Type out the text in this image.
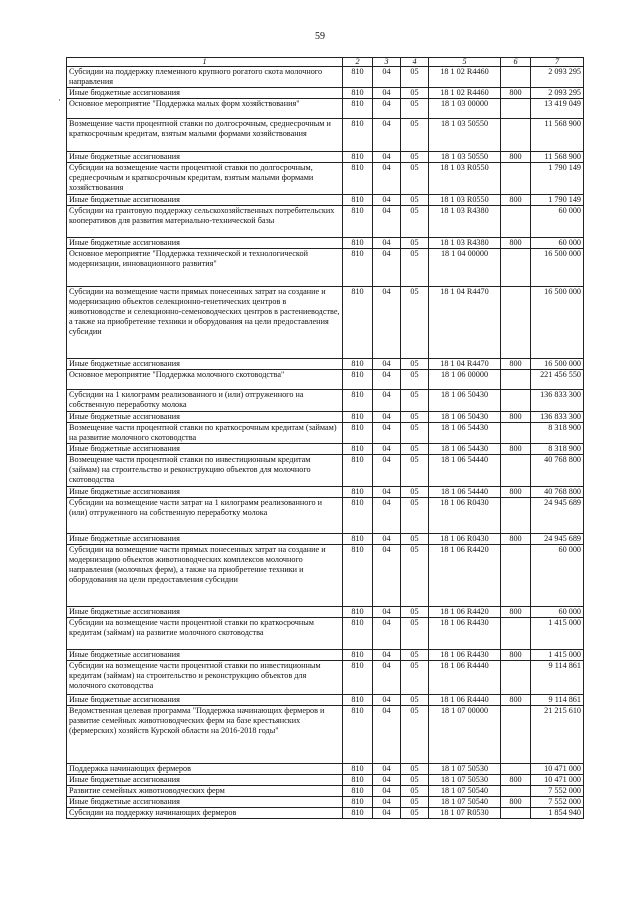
59
·
1	2	3	4	5	6	7
Субсидии на поддержку племенного крупного рогатого скота молочного направления	810	04	05	18 1 02 R4460		2 093 295
Иные бюджетные ассигнования	810	04	05	18 1 02 R4460	800	2 093 295
Основное мероприятие "Поддержка малых форм хозяйствования"	810	04	05	18 1 03 00000		13 419 049
Возмещение части процентной ставки по долгосрочным, среднесрочным и краткосрочным кредитам, взятым малыми формами хозяйствования	810	04	05	18 1 03 50550		11 568 900
Иные бюджетные ассигнования	810	04	05	18 1 03 50550	800	11 568 900
Субсидии на возмещение части процентной ставки по долгосрочным, среднесрочным и краткосрочным кредитам, взятым малыми формами хозяйствования	810	04	05	18 1 03 R0550		1 790 149
Иные бюджетные ассигнования	810	04	05	18 1 03 R0550	800	1 790 149
Субсидии на грантовую поддержку сельскохозяйственных потребительских кооперативов для развития материально-технической базы	810	04	05	18 1 03 R4380		60 000
Иные бюджетные ассигнования	810	04	05	18 1 03 R4380	800	60 000
Основное мероприятие "Поддержка технической и технологической модернизации, инновационного развития"	810	04	05	18 1 04 00000		16 500 000
Субсидии на возмещение части прямых понесенных затрат на создание и модернизацию объектов селекционно-генетических центров в животноводстве и селекционно-семеноводческих центров в растениеводстве, а также на приобретение техники и оборудования на цели предоставления субсидии	810	04	05	18 1 04 R4470		16 500 000
Иные бюджетные ассигнования	810	04	05	18 1 04 R4470	800	16 500 000
Основное мероприятие "Поддержка молочного скотоводства"	810	04	05	18 1 06 00000		221 456 550
Субсидии на 1 килограмм реализованного и (или) отгруженного на собственную переработку молока	810	04	05	18 1 06 50430		136 833 300
Иные бюджетные ассигнования	810	04	05	18 1 06 50430	800	136 833 300
Возмещение части процентной ставки по краткосрочным кредитам (займам) на развитие молочного скотоводства	810	04	05	18 1 06 54430		8 318 900
Иные бюджетные ассигнования	810	04	05	18 1 06 54430	800	8 318 900
Возмещение части процентной ставки по инвестиционным кредитам (займам) на строительство и реконструкцию объектов для молочного скотоводства	810	04	05	18 1 06 54440		40 768 800
Иные бюджетные ассигнования	810	04	05	18 1 06 54440	800	40 768 800
Субсидии на возмещение части затрат на 1 килограмм реализованного и (или) отгруженного на собственную переработку молока	810	04	05	18 1 06 R0430		24 945 689
Иные бюджетные ассигнования	810	04	05	18 1 06 R0430	800	24 945 689
Субсидии на возмещение части прямых понесенных затрат на создание и модернизацию объектов животноводческих комплексов молочного направления (молочных ферм), а также на приобретение техники и оборудования на цели предоставления субсидии	810	04	05	18 1 06 R4420		60 000
Иные бюджетные ассигнования	810	04	05	18 1 06 R4420	800	60 000
Субсидии на возмещение части процентной ставки по краткосрочным кредитам (займам) на развитие молочного скотоводства	810	04	05	18 1 06 R4430		1 415 000
Иные бюджетные ассигнования	810	04	05	18 1 06 R4430	800	1 415 000
Субсидии на возмещение части процентной ставки по инвестиционным кредитам (займам) на строительство и реконструкцию объектов для молочного скотоводства	810	04	05	18 1 06 R4440		9 114 861
Иные бюджетные ассигнования	810	04	05	18 1 06 R4440	800	9 114 861
Ведомственная целевая программа "Поддержка начинающих фермеров и развитие семейных животноводческих ферм на базе крестьянских (фермерских) хозяйств Курской области на 2016-2018 годы"	810	04	05	18 1 07 00000		21 215 610
Поддержка начинающих фермеров	810	04	05	18 1 07 50530		10 471 000
Иные бюджетные ассигнования	810	04	05	18 1 07 50530	800	10 471 000
Развитие семейных животноводческих ферм	810	04	05	18 1 07 50540		7 552 000
Иные бюджетные ассигнования	810	04	05	18 1 07 50540	800	7 552 000
Субсидии на поддержку начинающих фермеров	810	04	05	18 1 07 R0530		1 854 940
